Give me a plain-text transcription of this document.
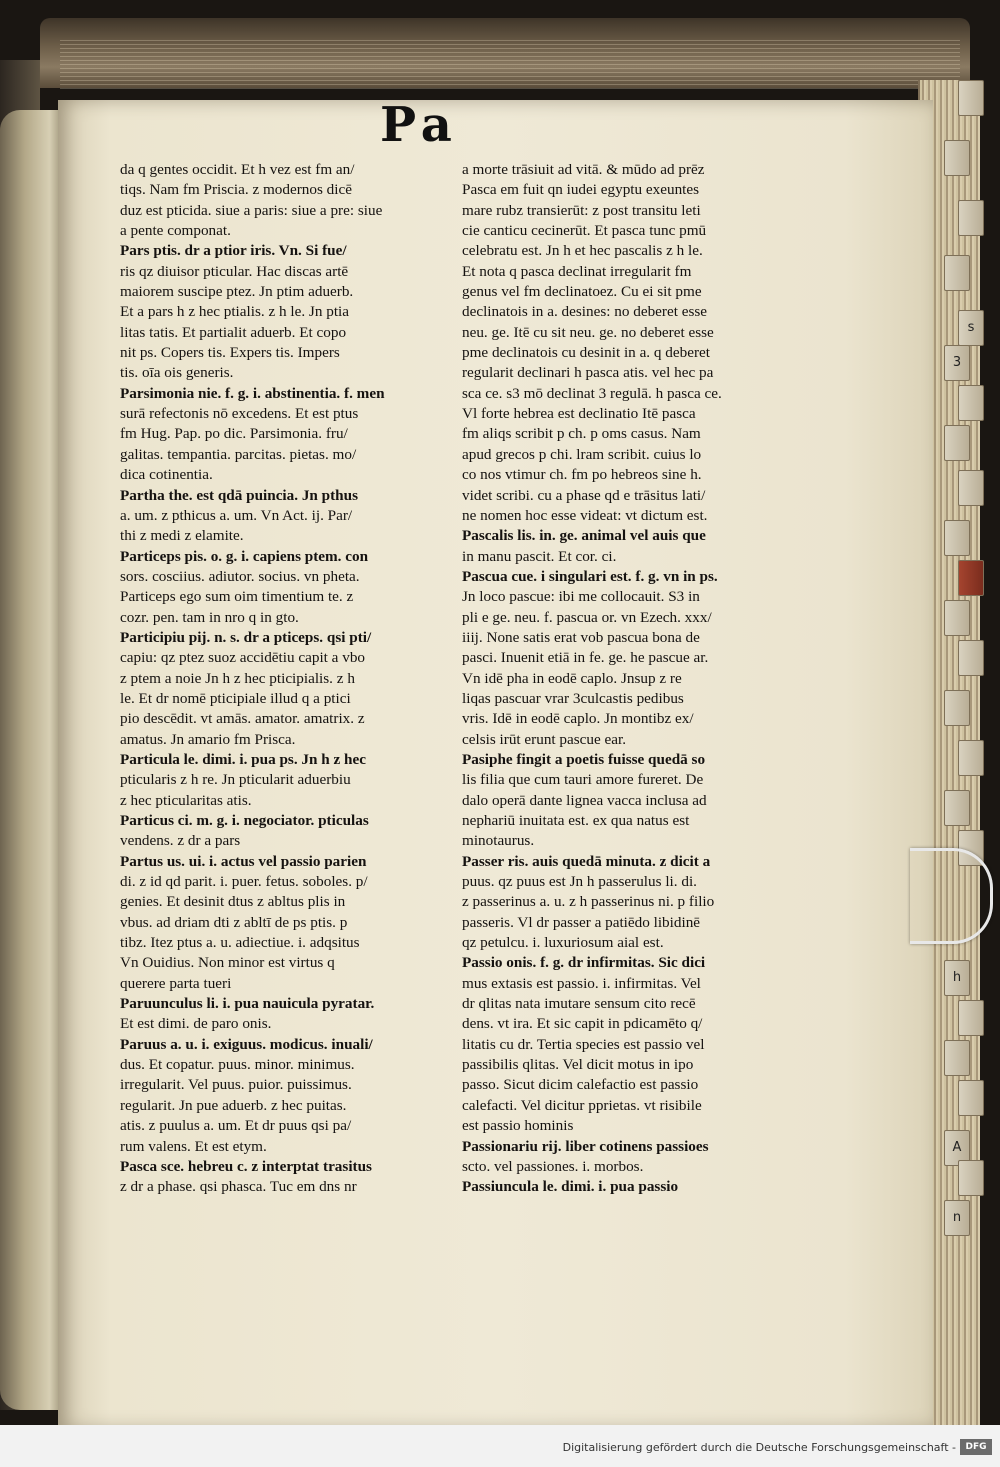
Pa
da q gentes occidit. Et h vez est fm an/
tiqs. Nam fm Priscia. z modernos dicē
duz est pticida. siue a paris: siue a pre: siue
a pente componat.
Pars ptis. dr a ptior iris. Vn. Si fue/
ris qz diuisor pticular. Hac discas artē
maiorem suscipe ptez. Jn ptim aduerb.
Et a pars h z hec ptialis. z h le. Jn ptia
litas tatis. Et partialit aduerb. Et copo
nit ps. Copers tis. Expers tis. Impers
tis. oīa ois generis.
Parsimonia nie. f. g. i. abstinentia. f. men
surā refectonis nō excedens. Et est ptus
fm Hug. Pap. po dic. Parsimonia. fru/
galitas. tempantia. parcitas. pietas. mo/
dica cotinentia.
Partha the. est qdā puincia. Jn pthus
a. um. z pthicus a. um. Vn Act. ij. Par/
thi z medi z elamite.
Particeps pis. o. g. i. capiens ptem. con
sors. cosciius. adiutor. socius. vn pheta.
Particeps ego sum oim timentium te. z
cozr. pen. tam in nro q in gto.
Participiu pij. n. s. dr a pticeps. qsi pti/
capiu: qz ptez suoz accidētiu capit a vbo
z ptem a noie Jn h z hec pticipialis. z h
le. Et dr nomē pticipiale illud q a ptici
pio descēdit. vt amās. amator. amatrix. z
amatus. Jn amario fm Prisca.
Particula le. dimi. i. pua ps. Jn h z hec
pticularis z h re. Jn pticularit aduerbiu
z hec pticularitas atis.
Particus ci. m. g. i. negociator. pticulas
vendens. z dr a pars
Partus us. ui. i. actus vel passio parien
di. z id qd parit. i. puer. fetus. soboles. p/
genies. Et desinit dtus z abltus plis in
vbus. ad driam dti z abltī de ps ptis. p
tibz. Itez ptus a. u. adiectiue. i. adqsitus
Vn Ouidius. Non minor est virtus q
querere parta tueri
Paruunculus li. i. pua nauicula pyratar.
Et est dimi. de paro onis.
Paruus a. u. i. exiguus. modicus. inuali/
dus. Et copatur. puus. minor. minimus.
irregularit. Vel puus. puior. puissimus.
regularit. Jn pue aduerb. z hec puitas.
atis. z puulus a. um. Et dr puus qsi pa/
rum valens. Et est etym.
Pasca sce. hebreu c. z interptat trasitus
z dr a phase. qsi phasca. Tuc em dns nr
a morte trāsiuit ad vitā. & mūdo ad prēz
Pasca em fuit qn iudei egyptu exeuntes
mare rubz transierūt: z post transitu leti
cie canticu cecinerūt. Et pasca tunc pmū
celebratu est. Jn h et hec pascalis z h le.
Et nota q pasca declinat irregularit fm
genus vel fm declinatoez. Cu ei sit pme
declinatois in a. desines: no deberet esse
neu. ge. Itē cu sit neu. ge. no deberet esse
pme declinatois cu desinit in a. q deberet
regularit declinari h pasca atis. vel hec pa
sca ce. s3 mō declinat 3 regulā. h pasca ce.
Vl forte hebrea est declinatio Itē pasca
fm aliqs scribit p ch. p oms casus. Nam
apud grecos p chi. lram scribit. cuius lo
co nos vtimur ch. fm po hebreos sine h.
videt scribi. cu a phase qd e trāsitus lati/
ne nomen hoc esse videat: vt dictum est.
Pascalis lis. in. ge. animal vel auis que
in manu pascit. Et cor. ci.
Pascua cue. i singulari est. f. g. vn in ps.
Jn loco pascue: ibi me collocauit. S3 in
pli e ge. neu. f. pascua or. vn Ezech. xxx/
iiij. None satis erat vob pascua bona de
pasci. Inuenit etiā in fe. ge. he pascue ar.
Vn idē pha in eodē caplo. Jnsup z re
liqas pascuar vrar 3culcastis pedibus
vris. Idē in eodē caplo. Jn montibz ex/
celsis irūt erunt pascue ear.
Pasiphe fingit a poetis fuisse quedā so
lis filia que cum tauri amore fureret. De
dalo operā dante lignea vacca inclusa ad
nephariū inuitata est. ex qua natus est
minotaurus.
Passer ris. auis quedā minuta. z dicit a
puus. qz puus est Jn h passerulus li. di.
z passerinus a. u. z h passerinus ni. p filio
passeris. Vl dr passer a patiēdo libidinē
qz petulcu. i. luxuriosum aial est.
Passio onis. f. g. dr infirmitas. Sic dici
mus extasis est passio. i. infirmitas. Vel
dr qlitas nata imutare sensum cito recē
dens. vt ira. Et sic capit in pdicamēto q/
litatis cu dr. Tertia species est passio vel
passibilis qlitas. Vel dicit motus in ipo
passo. Sicut dicim calefactio est passio
calefacti. Vel dicitur pprietas. vt risibile
est passio hominis
Passionariu rij. liber cotinens passioes
scto. vel passiones. i. morbos.
Passiuncula le. dimi. i. pua passio
s
3
h
A
n
Digitalisierung gefördert durch die Deutsche Forschungsgemeinschaft -	DFG
